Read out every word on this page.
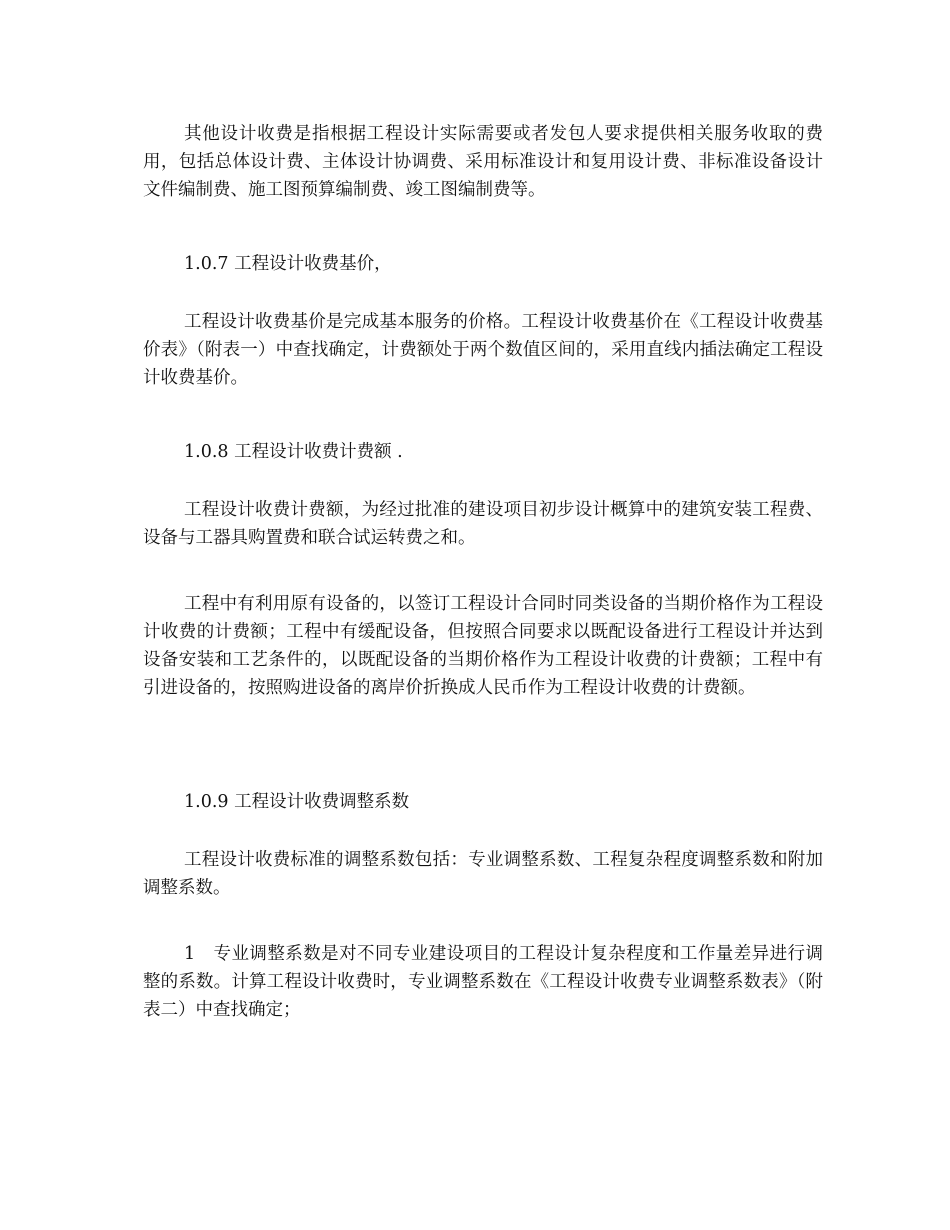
其他设计收费是指根据工程设计实际需要或者发包人要求提供相关服务收取的费用，包括总体设计费、主体设计协调费、采用标准设计和复用设计费、非标准设备设计文件编制费、施工图预算编制费、竣工图编制费等。

1.0.7 工程设计收费基价，

工程设计收费基价是完成基本服务的价格。工程设计收费基价在《工程设计收费基价表》（附表一）中查找确定，计费额处于两个数值区间的，采用直线内插法确定工程设计收费基价。

1.0.8 工程设计收费计费额 .

工程设计收费计费额，为经过批准的建设项目初步设计概算中的建筑安装工程费、设备与工器具购置费和联合试运转费之和。

工程中有利用原有设备的，以签订工程设计合同时同类设备的当期价格作为工程设计收费的计费额；工程中有缓配设备，但按照合同要求以既配设备进行工程设计并达到设备安装和工艺条件的，以既配设备的当期价格作为工程设计收费的计费额；工程中有引进设备的，按照购进设备的离岸价折换成人民币作为工程设计收费的计费额。

1.0.9 工程设计收费调整系数

工程设计收费标准的调整系数包括：专业调整系数、工程复杂程度调整系数和附加调整系数。

1　专业调整系数是对不同专业建设项目的工程设计复杂程度和工作量差异进行调整的系数。计算工程设计收费时，专业调整系数在《工程设计收费专业调整系数表》（附表二）中查找确定；
